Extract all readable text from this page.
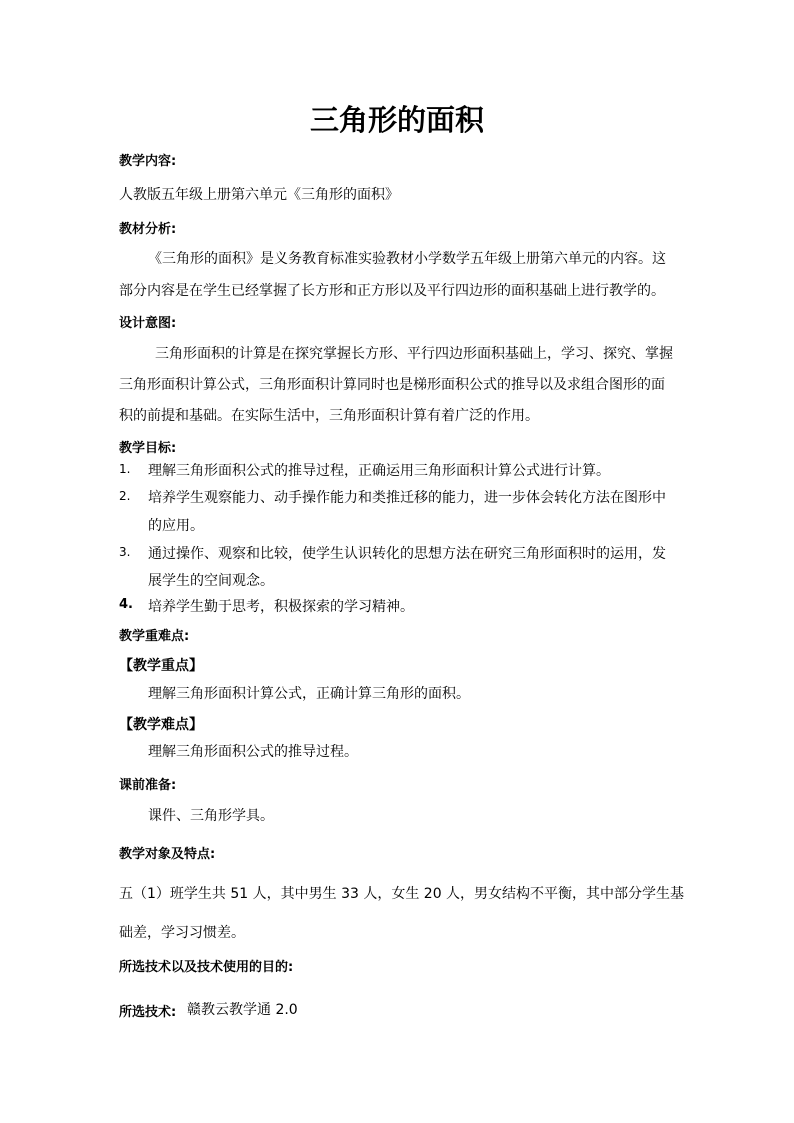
三角形的面积
教学内容:
人教版五年级上册第六单元《三角形的面积》
教材分析:
《三角形的面积》是义务教育标准实验教材小学数学五年级上册第六单元的内容。这
部分内容是在学生已经掌握了长方形和正方形以及平行四边形的面积基础上进行教学的。
设计意图:
三角形面积的计算是在探究掌握长方形、平行四边形面积基础上，学习、探究、掌握
三角形面积计算公式，三角形面积计算同时也是梯形面积公式的推导以及求组合图形的面
积的前提和基础。在实际生活中，三角形面积计算有着广泛的作用。
教学目标:
1. 理解三角形面积公式的推导过程，正确运用三角形面积计算公式进行计算。
2. 培养学生观察能力、动手操作能力和类推迁移的能力，进一步体会转化方法在图形中
的应用。
3. 通过操作、观察和比较，使学生认识转化的思想方法在研究三角形面积时的运用，发
展学生的空间观念。
4. 培养学生勤于思考，积极探索的学习精神。
教学重难点:
【教学重点】
理解三角形面积计算公式，正确计算三角形的面积。
【教学难点】
理解三角形面积公式的推导过程。
课前准备:
课件、三角形学具。
教学对象及特点:
五（1）班学生共 51 人，其中男生 33 人，女生 20 人，男女结构不平衡，其中部分学生基
础差，学习习惯差。
所选技术以及技术使用的目的:
所选技术: 赣教云教学通 2.0
